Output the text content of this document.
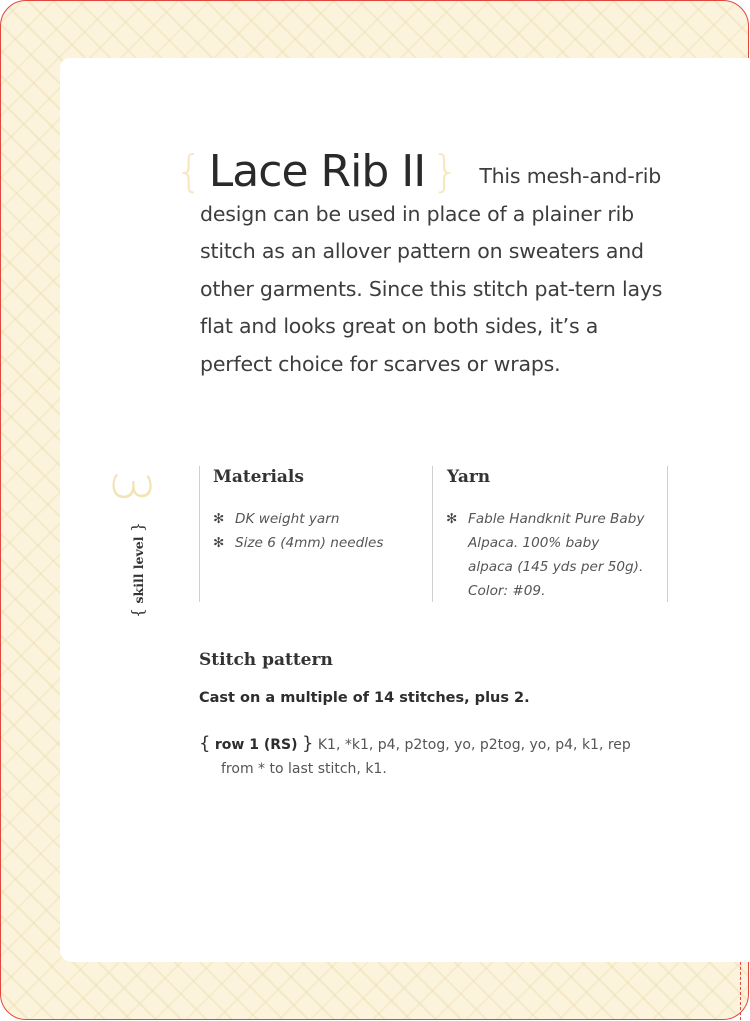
{ Lace Rib II } This mesh-and-rib
design can be used in place of a plainer rib stitch as an allover pattern on sweaters and other garments. Since this stitch pat-tern lays flat and looks great on both sides, it’s a perfect choice for scarves or wraps.
3
{ skill level }
Materials
✻ DK weight yarn
✻ Size 6 (4mm) needles
Yarn
✻ Fable Handknit Pure Baby Alpaca. 100% baby alpaca (145 yds per 50g). Color: #09.
Stitch pattern
Cast on a multiple of 14 stitches, plus 2.
{ row 1 (RS) } K1, *k1, p4, p2tog, yo, p2tog, yo, p4, k1, rep
from * to last stitch, k1.
